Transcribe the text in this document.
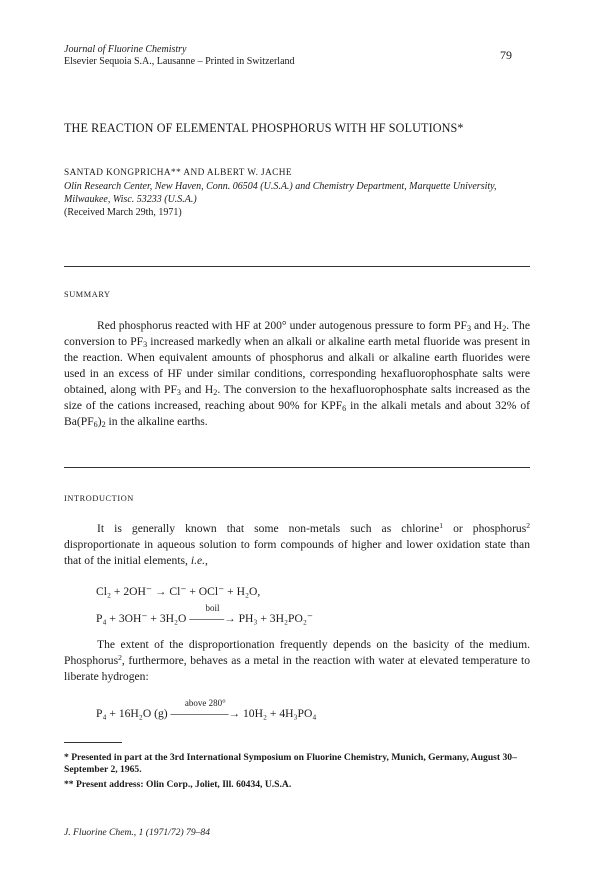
Journal of Fluorine Chemistry
Elsevier Sequoia S.A., Lausanne – Printed in Switzerland	79
THE REACTION OF ELEMENTAL PHOSPHORUS WITH HF SOLUTIONS*
SANTAD KONGPRICHA** AND ALBERT W. JACHE
Olin Research Center, New Haven, Conn. 06504 (U.S.A.) and Chemistry Department, Marquette University, Milwaukee, Wisc. 53233 (U.S.A.)
(Received March 29th, 1971)
SUMMARY
Red phosphorus reacted with HF at 200° under autogenous pressure to form $PF_3$ and $H_2$. The conversion to $PF_3$ increased markedly when an alkali or alkaline earth metal fluoride was present in the reaction. When equivalent amounts of phosphorus and alkali or alkaline earth fluorides were used in an excess of HF under similar conditions, corresponding hexafluorophosphate salts were obtained, along with $PF_3$ and $H_2$. The conversion to the hexafluorophosphate salts increased as the size of the cations increased, reaching about 90% for $KPF_6$ in the alkali metals and about 32% of $Ba(PF_6)_2$ in the alkaline earths.
INTRODUCTION
It is generally known that some non-metals such as chlorine$^1$ or phosphorus$^2$ disproportionate in aqueous solution to form compounds of higher and lower oxidation state than that of the initial elements, i.e.,
Cl₂ + 2OH⁻ → Cl⁻ + OCl⁻ + H₂O,
P₄ + 3OH⁻ + 3H₂O
boil
———→ PH₃ + 3H₂PO₂⁻
The extent of the disproportionation frequently depends on the basicity of the medium. Phosphorus$^2$, furthermore, behaves as a metal in the reaction with water at elevated temperature to liberate hydrogen:
P₄ + 16H₂O (g)
above 280°
—————→ 10H₂ + 4H₃PO₄
* Presented in part at the 3rd International Symposium on Fluorine Chemistry, Munich, Germany, August 30–September 2, 1965.
** Present address: Olin Corp., Joliet, Ill. 60434, U.S.A.
J. Fluorine Chem., 1 (1971/72) 79–84
